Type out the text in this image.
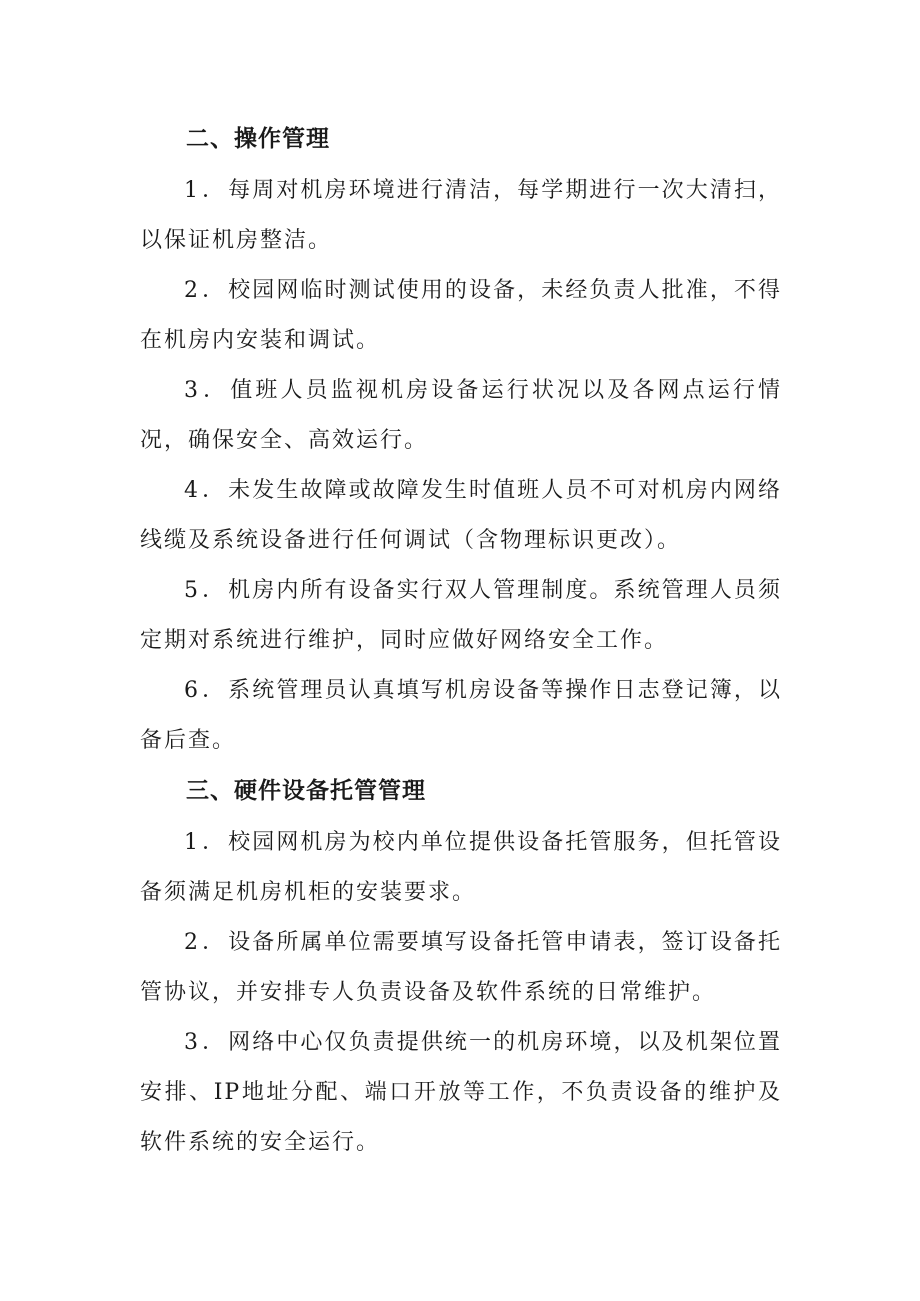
二、操作管理

1．每周对机房环境进行清洁，每学期进行一次大清扫，以保证机房整洁。

2．校园网临时测试使用的设备，未经负责人批准，不得在机房内安装和调试。

3．值班人员监视机房设备运行状况以及各网点运行情况，确保安全、高效运行。

4．未发生故障或故障发生时值班人员不可对机房内网络线缆及系统设备进行任何调试（含物理标识更改）。

5．机房内所有设备实行双人管理制度。系统管理人员须定期对系统进行维护，同时应做好网络安全工作。

6．系统管理员认真填写机房设备等操作日志登记簿，以备后查。

三、硬件设备托管管理

1．校园网机房为校内单位提供设备托管服务，但托管设备须满足机房机柜的安装要求。

2．设备所属单位需要填写设备托管申请表，签订设备托管协议，并安排专人负责设备及软件系统的日常维护。

3．网络中心仅负责提供统一的机房环境，以及机架位置安排、IP地址分配、端口开放等工作，不负责设备的维护及软件系统的安全运行。
